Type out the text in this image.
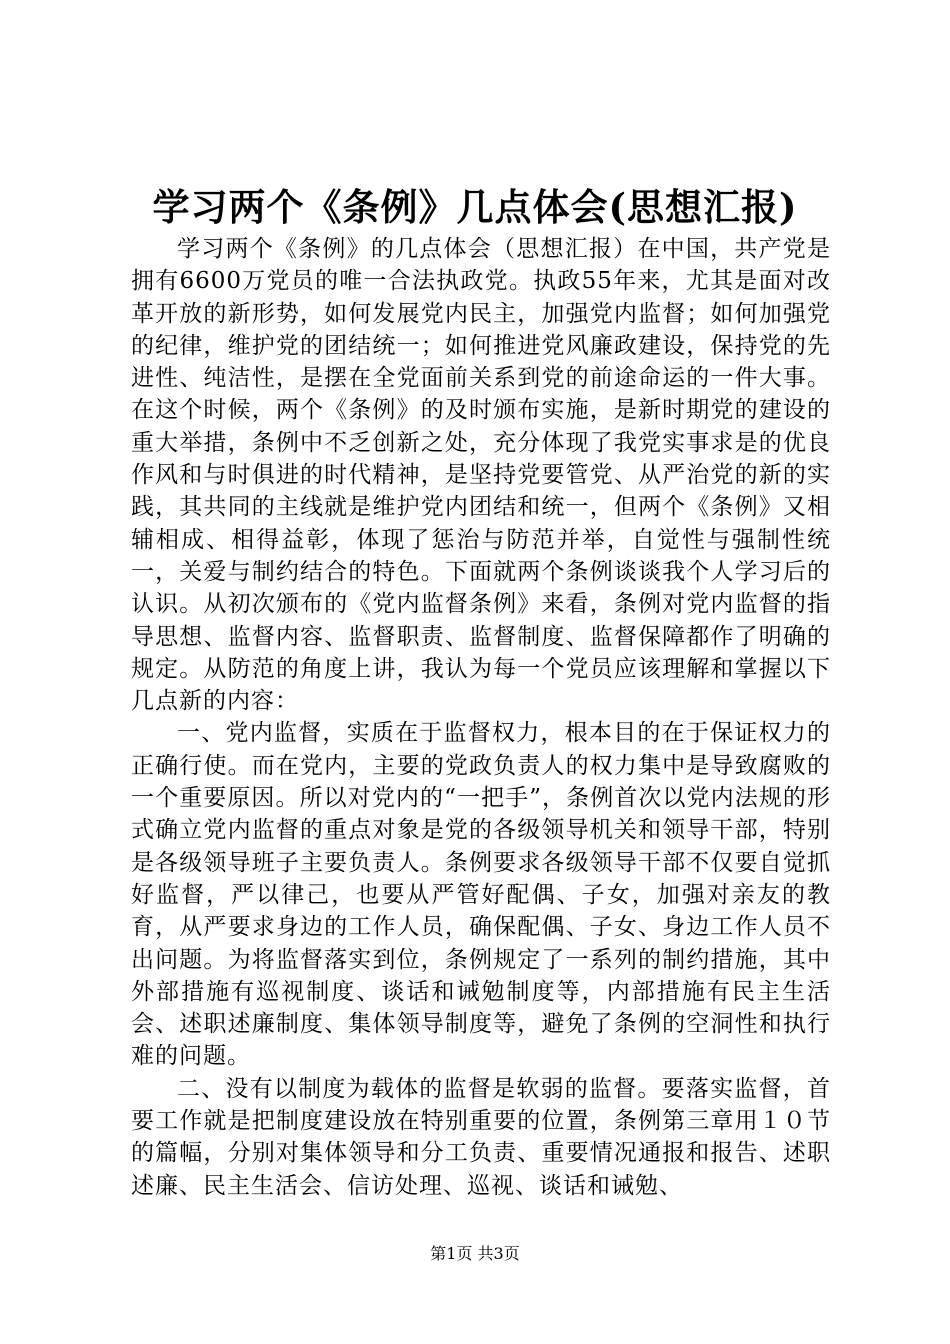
学习两个《条例》几点体会(思想汇报)

学习两个《条例》的几点体会（思想汇报）在中国，共产党是拥有6600万党员的唯一合法执政党。执政55年来，尤其是面对改革开放的新形势，如何发展党内民主，加强党内监督；如何加强党的纪律，维护党的团结统一；如何推进党风廉政建设，保持党的先进性、纯洁性，是摆在全党面前关系到党的前途命运的一件大事。在这个时候，两个《条例》的及时颁布实施，是新时期党的建设的重大举措，条例中不乏创新之处，充分体现了我党实事求是的优良作风和与时俱进的时代精神，是坚持党要管党、从严治党的新的实践，其共同的主线就是维护党内团结和统一，但两个《条例》又相辅相成、相得益彰，体现了惩治与防范并举，自觉性与强制性统一，关爱与制约结合的特色。下面就两个条例谈谈我个人学习后的认识。从初次颁布的《党内监督条例》来看，条例对党内监督的指导思想、监督内容、监督职责、监督制度、监督保障都作了明确的规定。从防范的角度上讲，我认为每一个党员应该理解和掌握以下几点新的内容：

一、党内监督，实质在于监督权力，根本目的在于保证权力的正确行使。而在党内，主要的党政负责人的权力集中是导致腐败的一个重要原因。所以对党内的“一把手”，条例首次以党内法规的形式确立党内监督的重点对象是党的各级领导机关和领导干部，特别是各级领导班子主要负责人。条例要求各级领导干部不仅要自觉抓好监督，严以律己，也要从严管好配偶、子女，加强对亲友的教育，从严要求身边的工作人员，确保配偶、子女、身边工作人员不出问题。为将监督落实到位，条例规定了一系列的制约措施，其中外部措施有巡视制度、谈话和诫勉制度等，内部措施有民主生活会、述职述廉制度、集体领导制度等，避免了条例的空洞性和执行难的问题。

二、没有以制度为载体的监督是软弱的监督。要落实监督，首要工作就是把制度建设放在特别重要的位置，条例第三章用１０节的篇幅，分别对集体领导和分工负责、重要情况通报和报告、述职述廉、民主生活会、信访处理、巡视、谈话和诫勉、

第1页 共3页
